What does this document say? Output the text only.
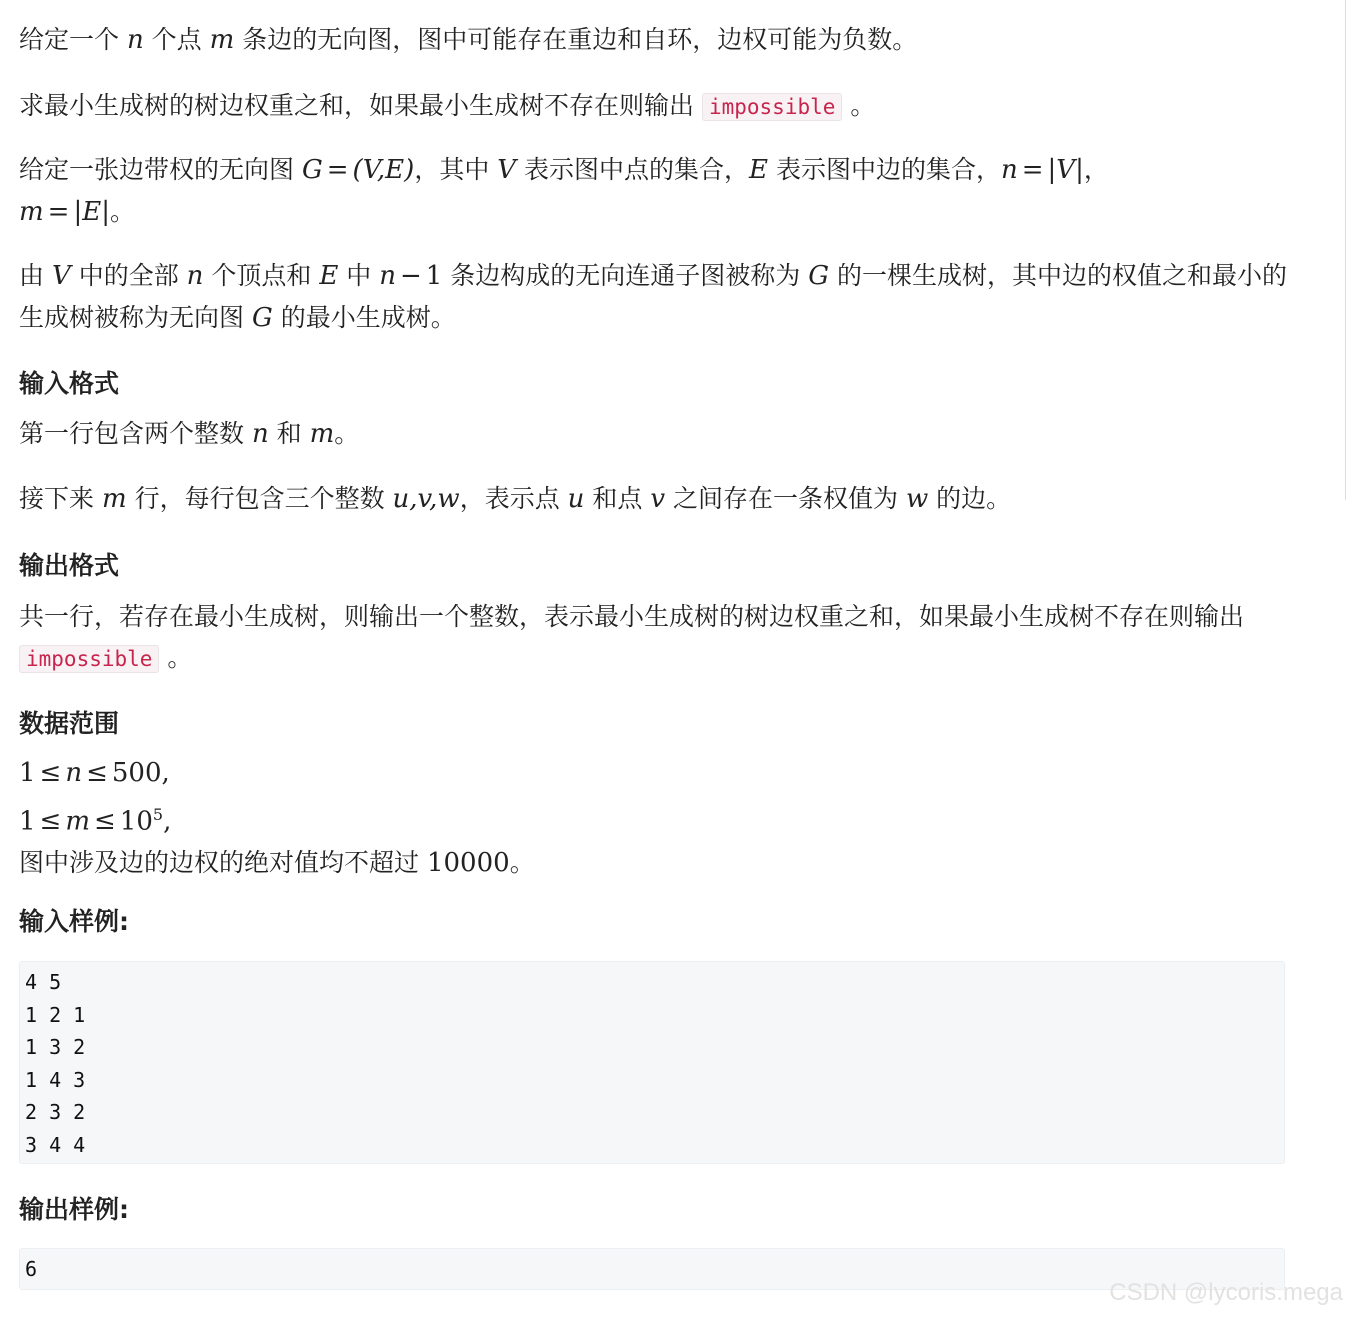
给定一个 n 个点 m 条边的无向图，图中可能存在重边和自环，边权可能为负数。

求最小生成树的树边权重之和，如果最小生成树不存在则输出 impossible 。

给定一张边带权的无向图 G = (V,E)，其中 V 表示图中点的集合，E 表示图中边的集合，n = |V|，
m = |E|。

由 V 中的全部 n 个顶点和 E 中 n − 1 条边构成的无向连通子图被称为 G 的一棵生成树，其中边的权值之和最小的生成树被称为无向图 G 的最小生成树。

输入格式

第一行包含两个整数 n 和 m。

接下来 m 行，每行包含三个整数 u,v,w，表示点 u 和点 v 之间存在一条权值为 w 的边。

输出格式

共一行，若存在最小生成树，则输出一个整数，表示最小生成树的树边权重之和，如果最小生成树不存在则输出
impossible 。

数据范围
1 ≤ n ≤ 500,
$1 \le m \le 10^5$,
图中涉及边的边权的绝对值均不超过 10000。
输入样例:
4 5
1 2 1
1 3 2
1 4 3
2 3 2
3 4 4
输出样例:
6
CSDN @lycoris.mega
